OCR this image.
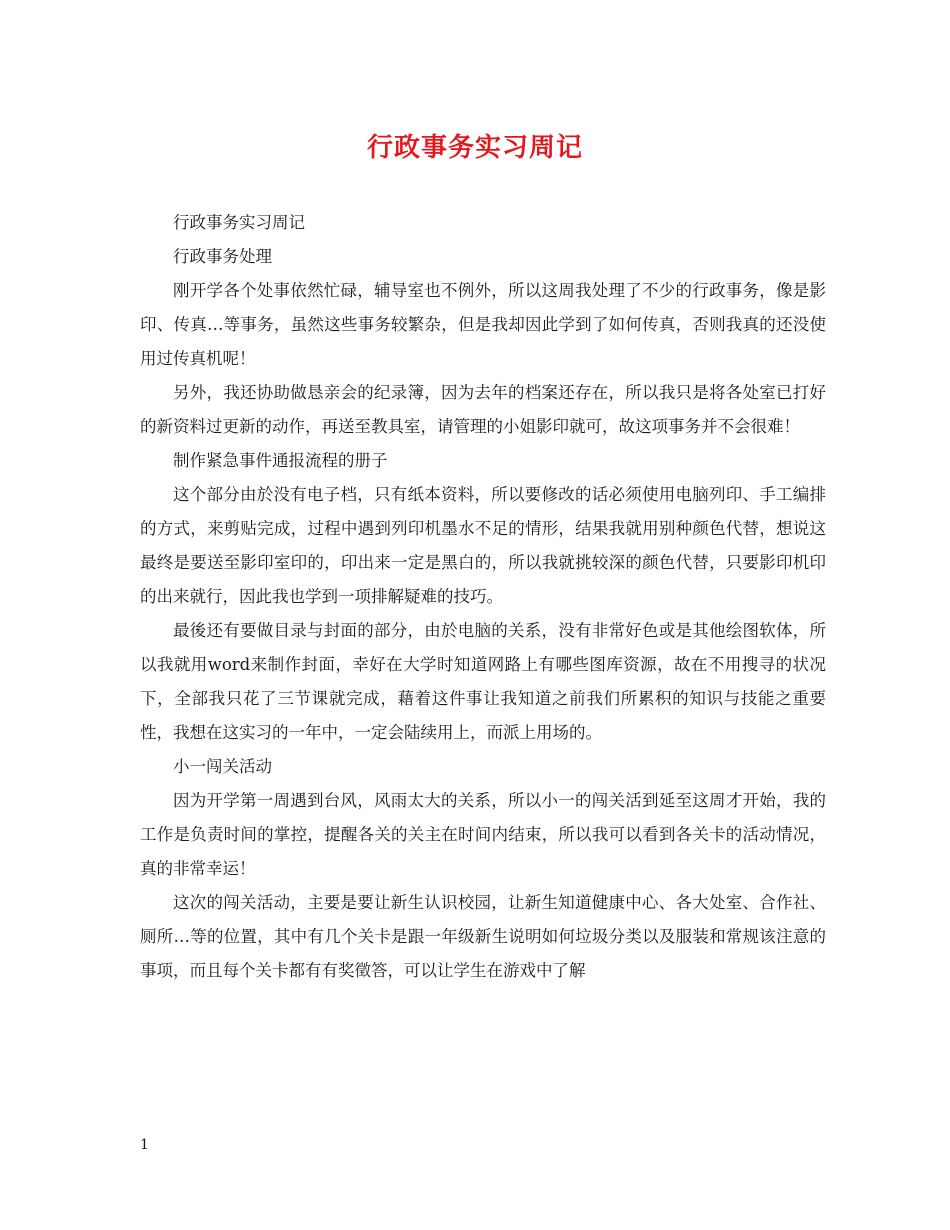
行政事务实习周记

行政事务实习周记

行政事务处理

刚开学各个处事依然忙碌，辅导室也不例外，所以这周我处理了不少的行政事务，像是影印、传真…等事务，虽然这些事务较繁杂，但是我却因此学到了如何传真，否则我真的还没使用过传真机呢！

另外，我还协助做恳亲会的纪录簿，因为去年的档案还存在，所以我只是将各处室已打好的新资料过更新的动作，再送至教具室，请管理的小姐影印就可，故这项事务并不会很难！

制作紧急事件通报流程的册子

这个部分由於没有电子档，只有纸本资料，所以要修改的话必须使用电脑列印、手工编排的方式，来剪贴完成，过程中遇到列印机墨水不足的情形，结果我就用别种颜色代替，想说这最终是要送至影印室印的，印出来一定是黑白的，所以我就挑较深的颜色代替，只要影印机印的出来就行，因此我也学到一项排解疑难的技巧。

最後还有要做目录与封面的部分，由於电脑的关系，没有非常好色或是其他绘图软体，所以我就用word来制作封面，幸好在大学时知道网路上有哪些图库资源，故在不用搜寻的状况下，全部我只花了三节课就完成，藉着这件事让我知道之前我们所累积的知识与技能之重要性，我想在这实习的一年中，一定会陆续用上，而派上用场的。

小一闯关活动

因为开学第一周遇到台风，风雨太大的关系，所以小一的闯关活到延至这周才开始，我的工作是负责时间的掌控，提醒各关的关主在时间内结束，所以我可以看到各关卡的活动情况，真的非常幸运！

这次的闯关活动，主要是要让新生认识校园，让新生知道健康中心、各大处室、合作社、厕所…等的位置，其中有几个关卡是跟一年级新生说明如何垃圾分类以及服装和常规该注意的事项，而且每个关卡都有有奖徵答，可以让学生在游戏中了解

1
